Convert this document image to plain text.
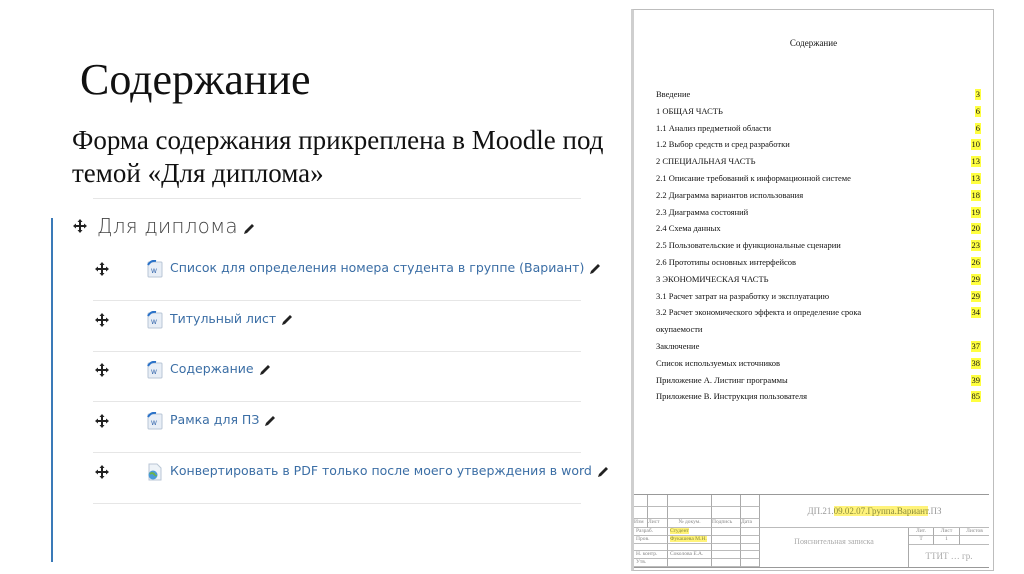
Содержание
Форма содержания прикреплена в Moodle под темой «Для диплома»
Для диплома
W Список для определения номера студента в группе (Вариант)
W Титульный лист
W Содержание
W Рамка для ПЗ
Конвертировать в PDF только после моего утверждения в word
Содержание
Введение	3
1 ОБЩАЯ ЧАСТЬ	6
1.1 Анализ предметной области	6
1.2 Выбор средств и сред разработки	10
2 СПЕЦИАЛЬНАЯ ЧАСТЬ	13
2.1 Описание требований к информационной системе	13
2.2 Диаграмма вариантов использования	18
2.3 Диаграмма состояний	19
2.4 Схема данных	20
2.5 Пользовательские и функциональные сценарии	23
2.6 Прототипы основных интерфейсов	26
3 ЭКОНОМИЧЕСКАЯ ЧАСТЬ	29
3.1 Расчет затрат на разработку и эксплуатацию	29
3.2 Расчет экономического эффекта и определение срока	34
окупаемости
Заключение	37
Список используемых источников	38
Приложение А. Листинг программы	39
Приложение В. Инструкция пользователя	85
Изм Лист	№ докум.	Подпись	Дата
Разраб.	Студент
Пров.	Фукашева М.Н.
Н. контр.	Соколова Е.А.
Утв.
ДП.21.09.02.07.Группа.Вариант.ПЗ
Пояснительная записка
Лит.	Лист	Листов
Т	1
ТТИТ … гр.
